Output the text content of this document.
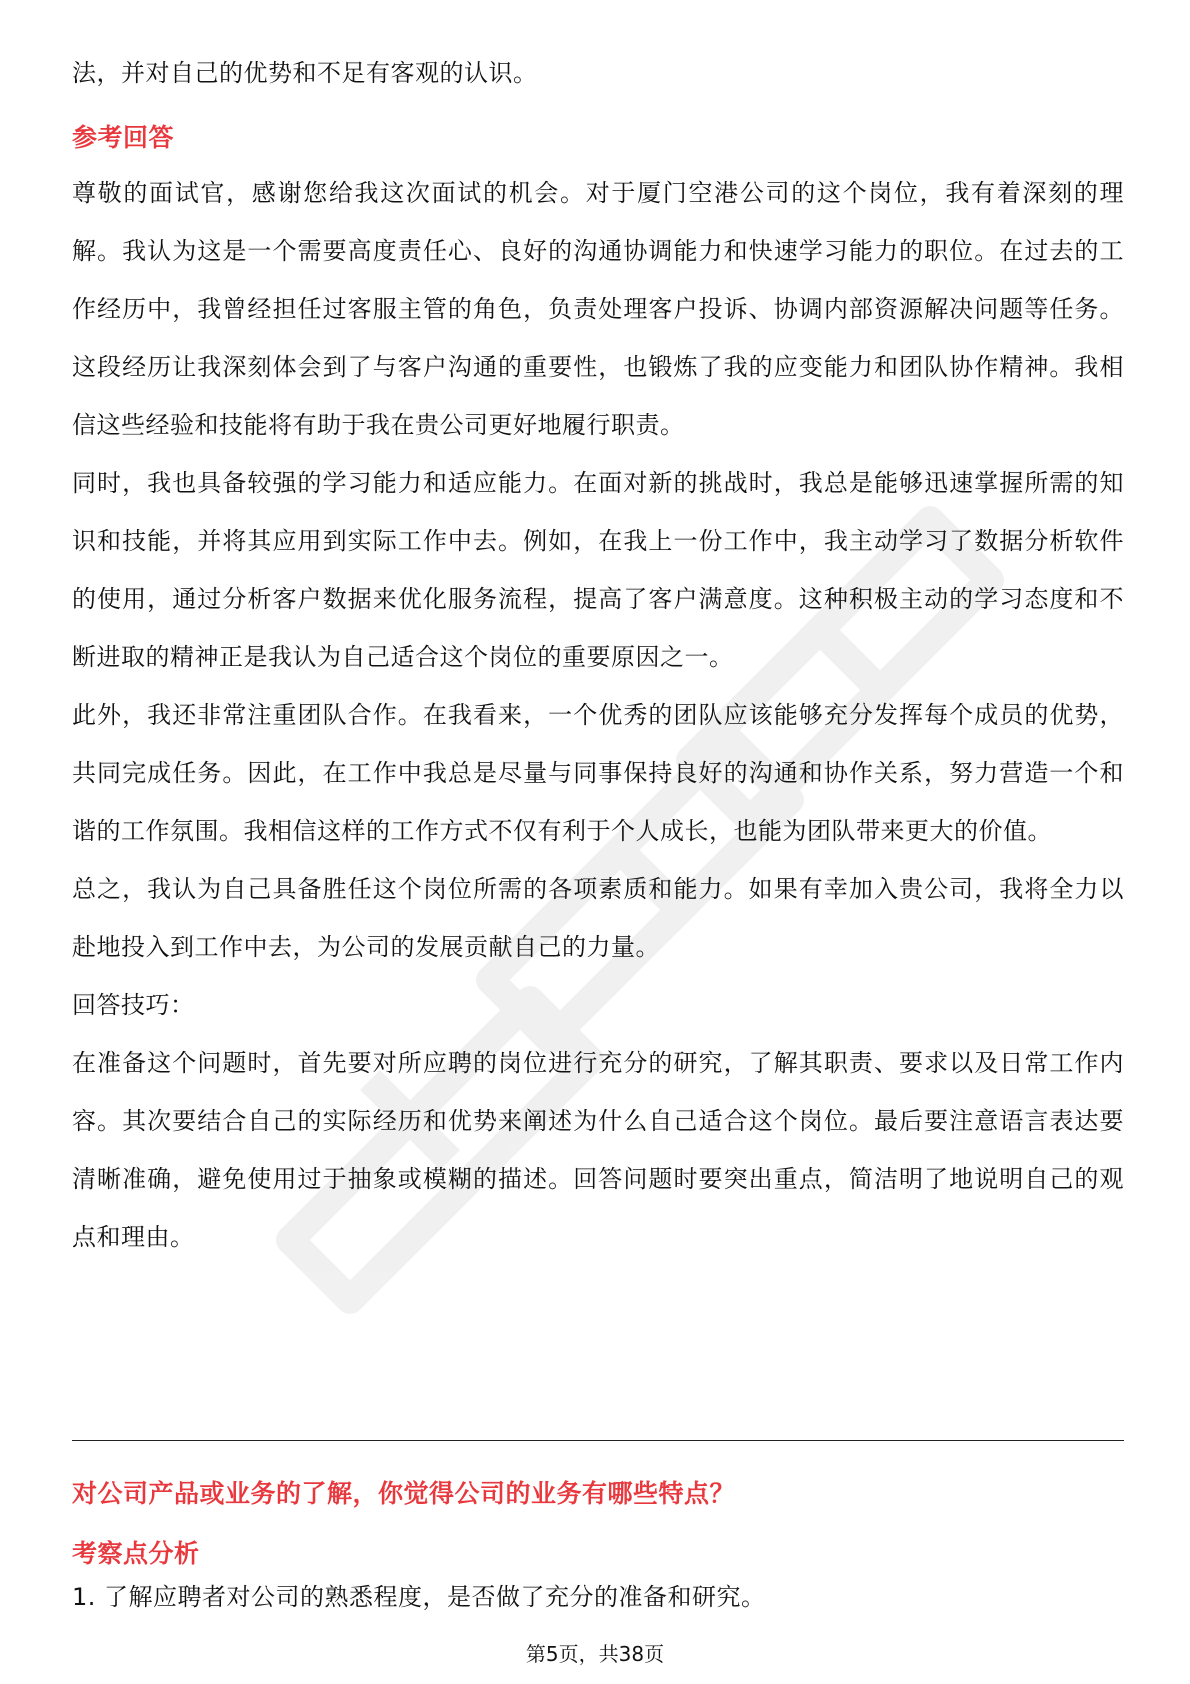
法，并对自己的优势和不足有客观的认识。

参考回答

尊敬的面试官，感谢您给我这次面试的机会。对于厦门空港公司的这个岗位，我有着深刻的理解。我认为这是一个需要高度责任心、良好的沟通协调能力和快速学习能力的职位。在过去的工作经历中，我曾经担任过客服主管的角色，负责处理客户投诉、协调内部资源解决问题等任务。这段经历让我深刻体会到了与客户沟通的重要性，也锻炼了我的应变能力和团队协作精神。我相信这些经验和技能将有助于我在贵公司更好地履行职责。

同时，我也具备较强的学习能力和适应能力。在面对新的挑战时，我总是能够迅速掌握所需的知识和技能，并将其应用到实际工作中去。例如，在我上一份工作中，我主动学习了数据分析软件的使用，通过分析客户数据来优化服务流程，提高了客户满意度。这种积极主动的学习态度和不断进取的精神正是我认为自己适合这个岗位的重要原因之一。

此外，我还非常注重团队合作。在我看来，一个优秀的团队应该能够充分发挥每个成员的优势，共同完成任务。因此，在工作中我总是尽量与同事保持良好的沟通和协作关系，努力营造一个和谐的工作氛围。我相信这样的工作方式不仅有利于个人成长，也能为团队带来更大的价值。

总之，我认为自己具备胜任这个岗位所需的各项素质和能力。如果有幸加入贵公司，我将全力以赴地投入到工作中去，为公司的发展贡献自己的力量。

回答技巧：

在准备这个问题时，首先要对所应聘的岗位进行充分的研究，了解其职责、要求以及日常工作内容。其次要结合自己的实际经历和优势来阐述为什么自己适合这个岗位。最后要注意语言表达要清晰准确，避免使用过于抽象或模糊的描述。回答问题时要突出重点，简洁明了地说明自己的观点和理由。

对公司产品或业务的了解，你觉得公司的业务有哪些特点？
考察点分析

1. 了解应聘者对公司的熟悉程度，是否做了充分的准备和研究。

第5页，共38页
